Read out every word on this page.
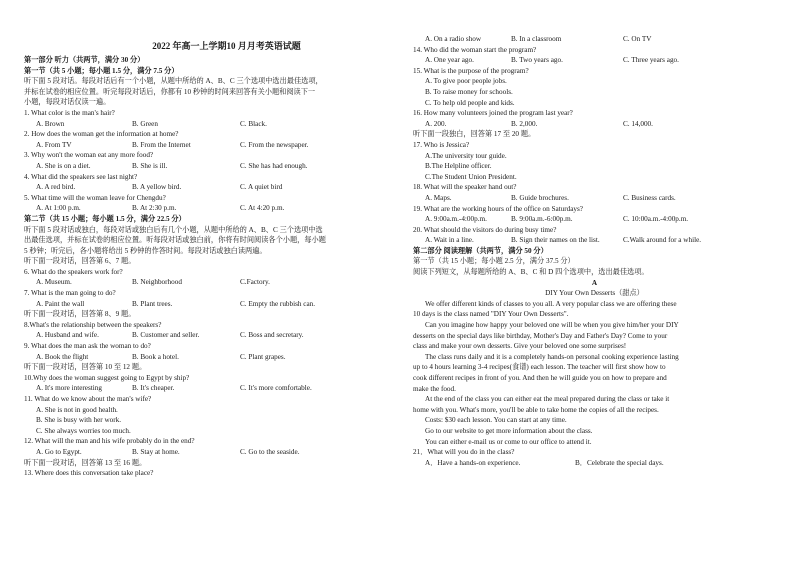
2022 年高一上学期10 月月考英语试题
第一部分 听力（共两节，满分 30 分）
第一节（共 5 小题；每小题 1.5 分，满分 7.5 分）
听下面 5 段对话。每段对话后有一个小题，从题中所给的 A、B、C 三个选项中选出最佳选项，
并标在试卷的相应位置。听完每段对话后，你都有 10 秒钟的时间来回答有关小题和阅读下一
小题，每段对话仅读一遍。
1. What color is the man's hair?
A. Brown	B. Green	C. Black.
2. How does the woman get the information at home?
A. From TV	B. From the Internet	C. From the newspaper.
3. Why won't the woman eat any more food?
A. She is on a diet.	B. She is ill.	C. She has had enough.
4. What did the speakers see last night?
A. A red bird.	B. A yellow bird.	C. A quiet bird
5. What time will the woman leave for Chengdu?
A. At 1:00 p.m.	B. At 2:30 p.m.	C. At 4:20 p.m.
第二节（共 15 小题；每小题 1.5 分，满分 22.5 分）
听下面 5 段对话或独白，每段对话或独白后有几个小题，从题中所给的 A、B、C 三个选项中选
出最佳选项，并标在试卷的相应位置。听每段对话或独白前，你将有时间阅读各个小题，每小题
5 秒钟；听完后，各小题将给出 5 秒钟的作答时间。每段对话或独白读两遍。
听下面一段对话，回答第 6、7 题。
6. What do the speakers work for?
A. Museum.	B. Neighborhood	C.Factory.
7. What is the man going to do?
A. Paint the wall	B. Plant trees.	C. Empty the rubbish can.
听下面一段对话，回答第 8、9 题。
8.What's the relationship between the speakers?
A. Husband and wife.	B. Customer and seller.	C. Boss and secretary.
9. What does the man ask the woman to do?
A. Book the flight	B. Book a hotel.	C. Plant grapes.
听下面一段对话，回答第 10 至 12 题。
10.Why does the woman suggest going to Egypt by ship?
A. It's more interesting	B. It's cheaper.	C. It's more comfortable.
11. What do we know about the man's wife?
A. She is not in good health.
B. She is busy with her work.
C. She always worries too much.
12. What will the man and his wife probably do in the end?
A. Go to Egypt.	B. Stay at home.	C. Go to the seaside.
听下面一段对话，回答第 13 至 16 题。
13. Where does this conversation take place?
A. On a radio show	B. In a classroom	C. On TV
14. Who did the woman start the program?
A. One year ago.	B. Two years ago.	C. Three years ago.
15. What is the purpose of the program?
A. To give poor people jobs.
B. To raise money for schools.
C. To help old people and kids.
16. How many volunteers joined the program last year?
A. 200.	B. 2,000.	C. 14,000.
听下面一段独白，回答第 17 至 20 题。
17. Who is Jessica?
A.The university tour guide.
B.The Helpline officer.
C.The Student Union President.
18. What will the speaker hand out?
A. Maps.	B. Guide brochures.	C. Business cards.
19. What are the working hours of the office on Saturdays?
A. 9:00a.m.-4:00p.m.	B. 9:00a.m.-6:00p.m.	C. 10:00a.m.-4:00p.m.
20. What should the visitors do during busy time?
A. Wait in a line.	B. Sign their names on the list.	C.Walk around for a while.
第二部分 阅读理解（共两节，满分 50 分）
第一节（共 15 小题；每小题 2.5 分，满分 37.5 分）
阅读下列短文，从每题所给的 A、B、C 和 D 四个选项中，选出最佳选项。
A
DIY Your Own Desserts（甜点）
We offer different kinds of classes to you all. A very popular class we are offering these
10 days is the class named "DIY Your Own Desserts".
Can you imagine how happy your beloved one will be when you give him/her your DIY
desserts on the special days like birthday, Mother's Day and Father's Day? Come to your
class and make your own desserts. Give your beloved one some surprises!
The class runs daily and it is a completely hands-on personal cooking experience lasting
up to 4 hours learning 3-4 recipes(食谱) each lesson. The teacher will first show how to
cook different recipes in front of you. And then he will guide you on how to prepare and
make the food.
At the end of the class you can either eat the meal prepared during the class or take it
home with you. What's more, you'll be able to take home the copies of all the recipes.
Costs: $30 each lesson. You can start at any time.
Go to our website to get more information about the class.
You can either e-mail us or come to our office to attend it.
21．What will you do in the class?
A．Have a hands-on experience.	B．Celebrate the special days.
